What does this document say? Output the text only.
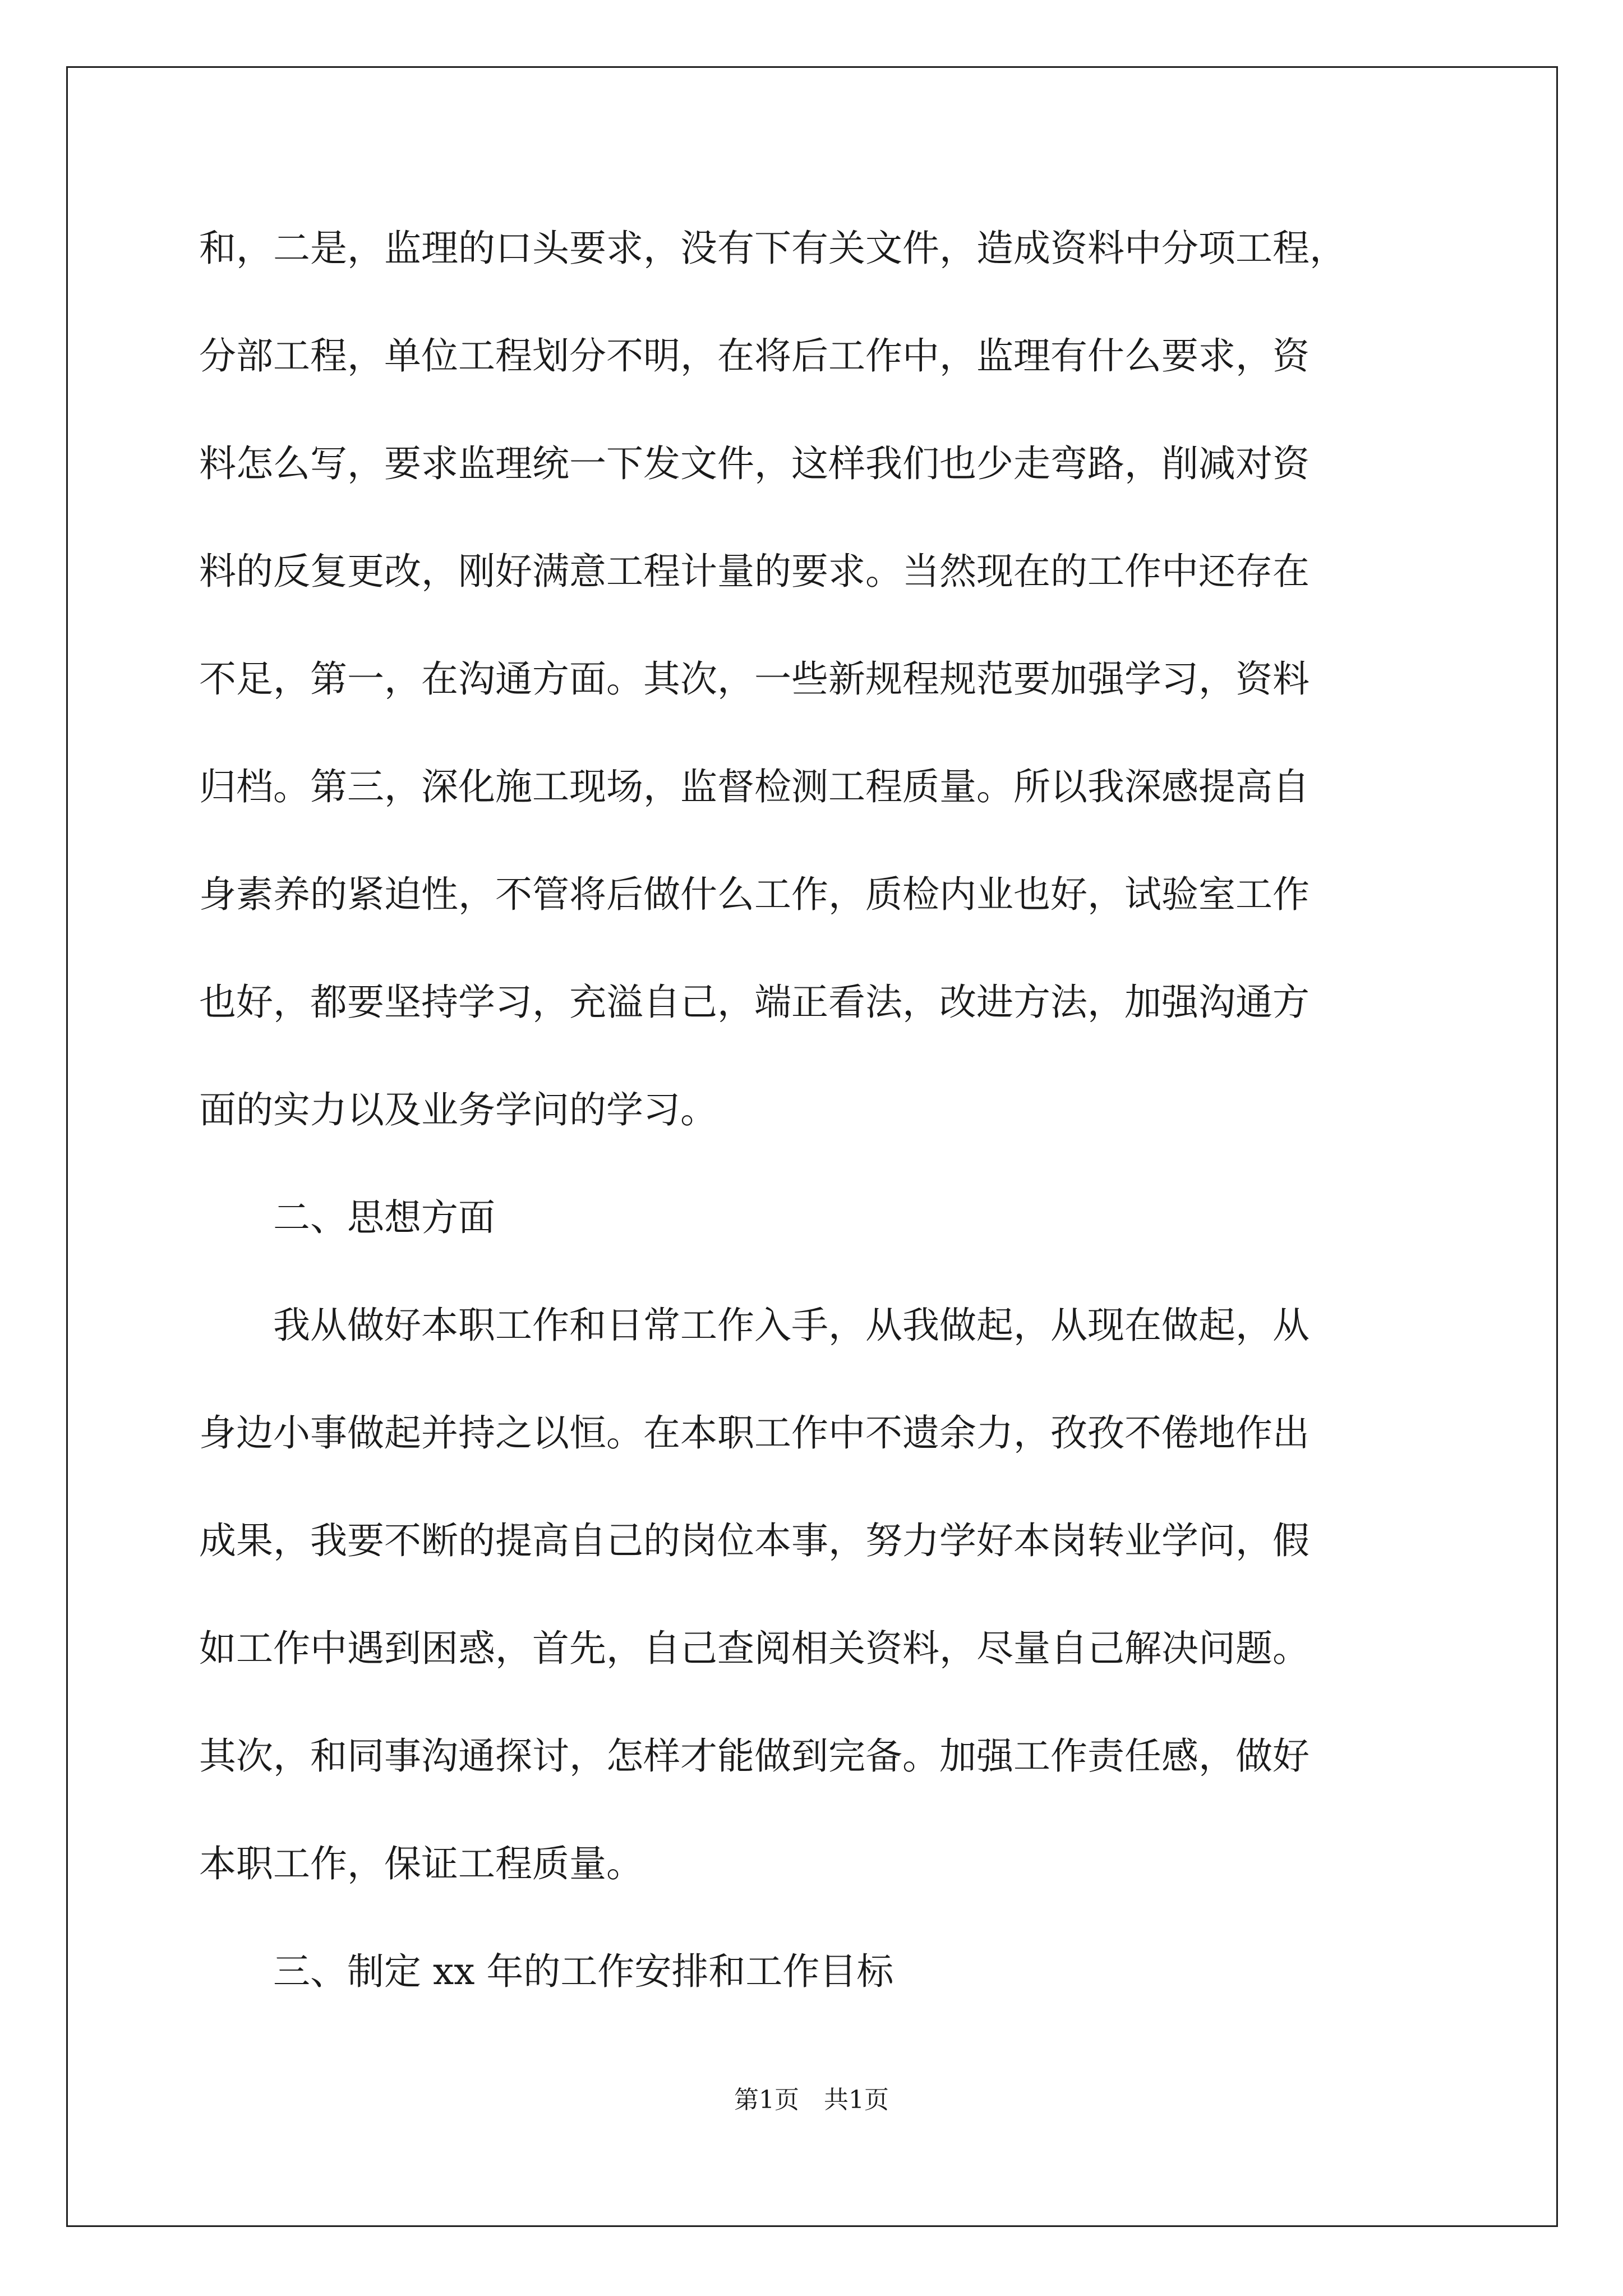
和，二是，监理的口头要求，没有下有关文件，造成资料中分项工程，
分部工程，单位工程划分不明，在将后工作中，监理有什么要求，资
料怎么写，要求监理统一下发文件，这样我们也少走弯路，削减对资
料的反复更改，刚好满意工程计量的要求。当然现在的工作中还存在
不足，第一，在沟通方面。其次，一些新规程规范要加强学习，资料
归档。第三，深化施工现场，监督检测工程质量。所以我深感提高自
身素养的紧迫性，不管将后做什么工作，质检内业也好，试验室工作
也好，都要坚持学习，充溢自己，端正看法，改进方法，加强沟通方
面的实力以及业务学问的学习。
　　二、思想方面
　　我从做好本职工作和日常工作入手，从我做起，从现在做起，从
身边小事做起并持之以恒。在本职工作中不遗余力，孜孜不倦地作出
成果，我要不断的提高自己的岗位本事，努力学好本岗转业学问，假
如工作中遇到困惑，首先，自己查阅相关资料，尽量自己解决问题。
其次，和同事沟通探讨，怎样才能做到完备。加强工作责任感，做好
本职工作，保证工程质量。
　　三、制定 xx 年的工作安排和工作目标
第1页　共1页
